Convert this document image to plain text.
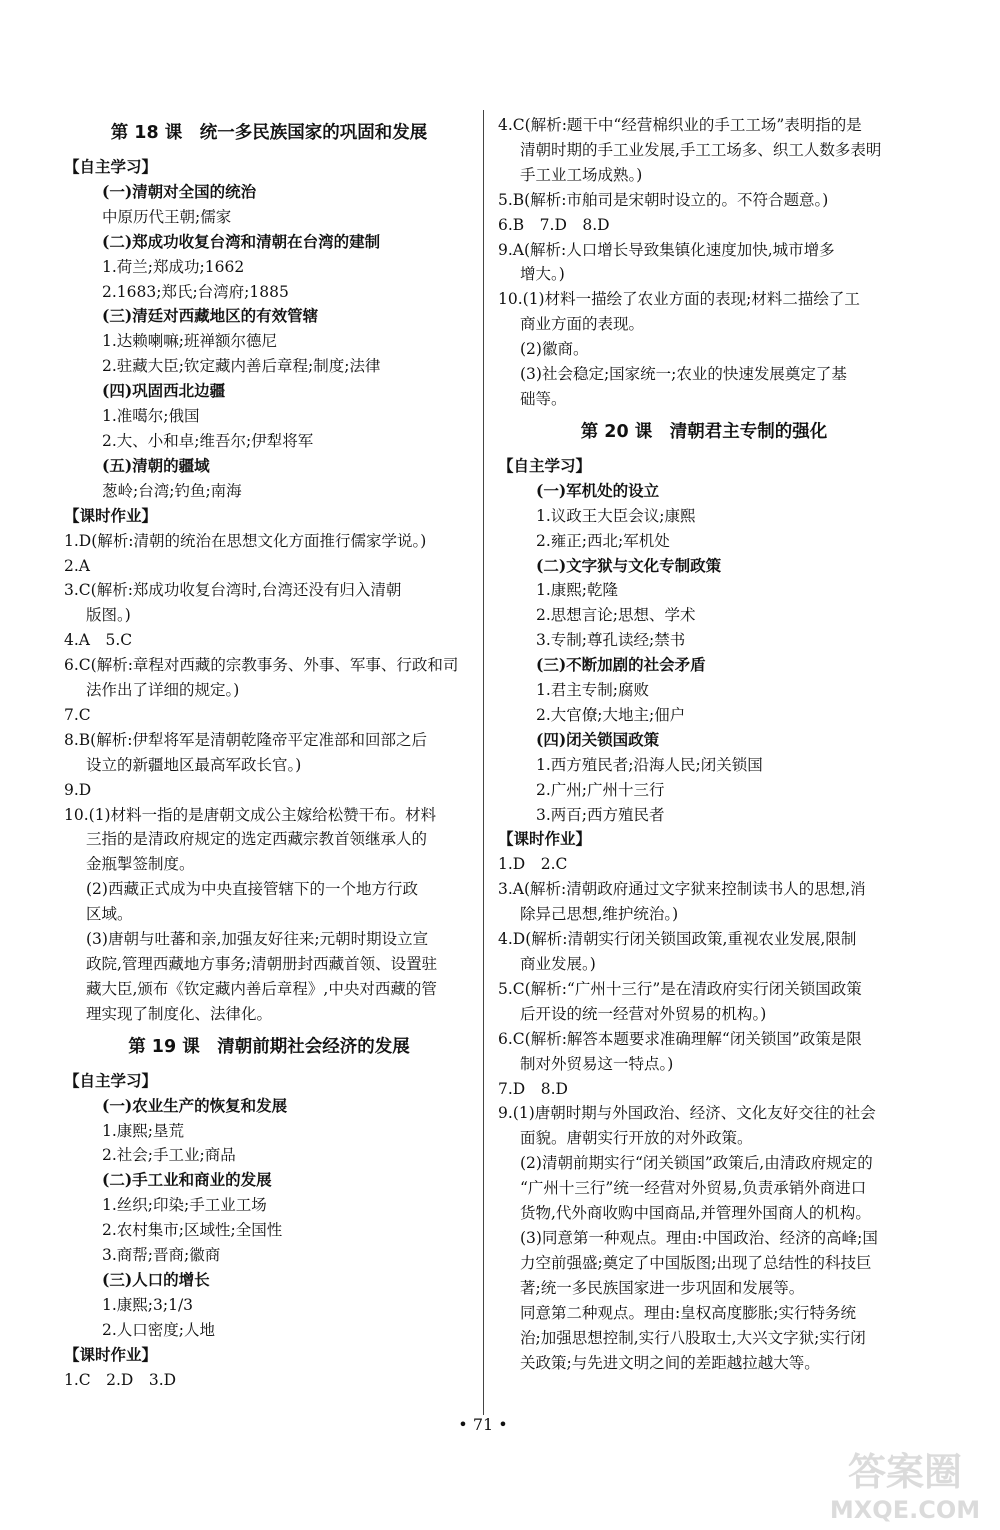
第 18 课　统一多民族国家的巩固和发展
【自主学习】
(一)清朝对全国的统治
中原历代王朝;儒家
(二)郑成功收复台湾和清朝在台湾的建制
1.荷兰;郑成功;1662
2.1683;郑氏;台湾府;1885
(三)清廷对西藏地区的有效管辖
1.达赖喇嘛;班禅额尔德尼
2.驻藏大臣;钦定藏内善后章程;制度;法律
(四)巩固西北边疆
1.准噶尔;俄国
2.大、小和卓;维吾尔;伊犁将军
(五)清朝的疆域
葱岭;台湾;钓鱼;南海
【课时作业】
1.D(解析:清朝的统治在思想文化方面推行儒家学说。)
2.A
3.C(解析:郑成功收复台湾时,台湾还没有归入清朝
版图。)
4.A　5.C
6.C(解析:章程对西藏的宗教事务、外事、军事、行政和司
法作出了详细的规定。)
7.C
8.B(解析:伊犁将军是清朝乾隆帝平定准部和回部之后
设立的新疆地区最高军政长官。)
9.D
10.(1)材料一指的是唐朝文成公主嫁给松赞干布。材料
三指的是清政府规定的选定西藏宗教首领继承人的
金瓶掣签制度。
(2)西藏正式成为中央直接管辖下的一个地方行政
区域。
(3)唐朝与吐蕃和亲,加强友好往来;元朝时期设立宣
政院,管理西藏地方事务;清朝册封西藏首领、设置驻
藏大臣,颁布《钦定藏内善后章程》,中央对西藏的管
理实现了制度化、法律化。
第 19 课　清朝前期社会经济的发展
【自主学习】
(一)农业生产的恢复和发展
1.康熙;垦荒
2.社会;手工业;商品
(二)手工业和商业的发展
1.丝织;印染;手工业工场
2.农村集市;区域性;全国性
3.商帮;晋商;徽商
(三)人口的增长
1.康熙;3;1/3
2.人口密度;人地
【课时作业】
1.C　2.D　3.D
4.C(解析:题干中“经营棉织业的手工工场”表明指的是
清朝时期的手工业发展,手工工场多、织工人数多表明
手工业工场成熟。)
5.B(解析:市舶司是宋朝时设立的。不符合题意。)
6.B　7.D　8.D
9.A(解析:人口增长导致集镇化速度加快,城市增多
增大。)
10.(1)材料一描绘了农业方面的表现;材料二描绘了工
商业方面的表现。
(2)徽商。
(3)社会稳定;国家统一;农业的快速发展奠定了基
础等。
第 20 课　清朝君主专制的强化
【自主学习】
(一)军机处的设立
1.议政王大臣会议;康熙
2.雍正;西北;军机处
(二)文字狱与文化专制政策
1.康熙;乾隆
2.思想言论;思想、学术
3.专制;尊孔读经;禁书
(三)不断加剧的社会矛盾
1.君主专制;腐败
2.大官僚;大地主;佃户
(四)闭关锁国政策
1.西方殖民者;沿海人民;闭关锁国
2.广州;广州十三行
3.两百;西方殖民者
【课时作业】
1.D　2.C
3.A(解析:清朝政府通过文字狱来控制读书人的思想,消
除异己思想,维护统治。)
4.D(解析:清朝实行闭关锁国政策,重视农业发展,限制
商业发展。)
5.C(解析:“广州十三行”是在清政府实行闭关锁国政策
后开设的统一经营对外贸易的机构。)
6.C(解析:解答本题要求准确理解“闭关锁国”政策是限
制对外贸易这一特点。)
7.D　8.D
9.(1)唐朝时期与外国政治、经济、文化友好交往的社会
面貌。唐朝实行开放的对外政策。
(2)清朝前期实行“闭关锁国”政策后,由清政府规定的
“广州十三行”统一经营对外贸易,负责承销外商进口
货物,代外商收购中国商品,并管理外国商人的机构。
(3)同意第一种观点。理由:中国政治、经济的高峰;国
力空前强盛;奠定了中国版图;出现了总结性的科技巨
著;统一多民族国家进一步巩固和发展等。
同意第二种观点。理由:皇权高度膨胀;实行特务统
治;加强思想控制,实行八股取士,大兴文字狱;实行闭
关政策;与先进文明之间的差距越拉越大等。
• 71 •
答案圈
MXQE.COM
